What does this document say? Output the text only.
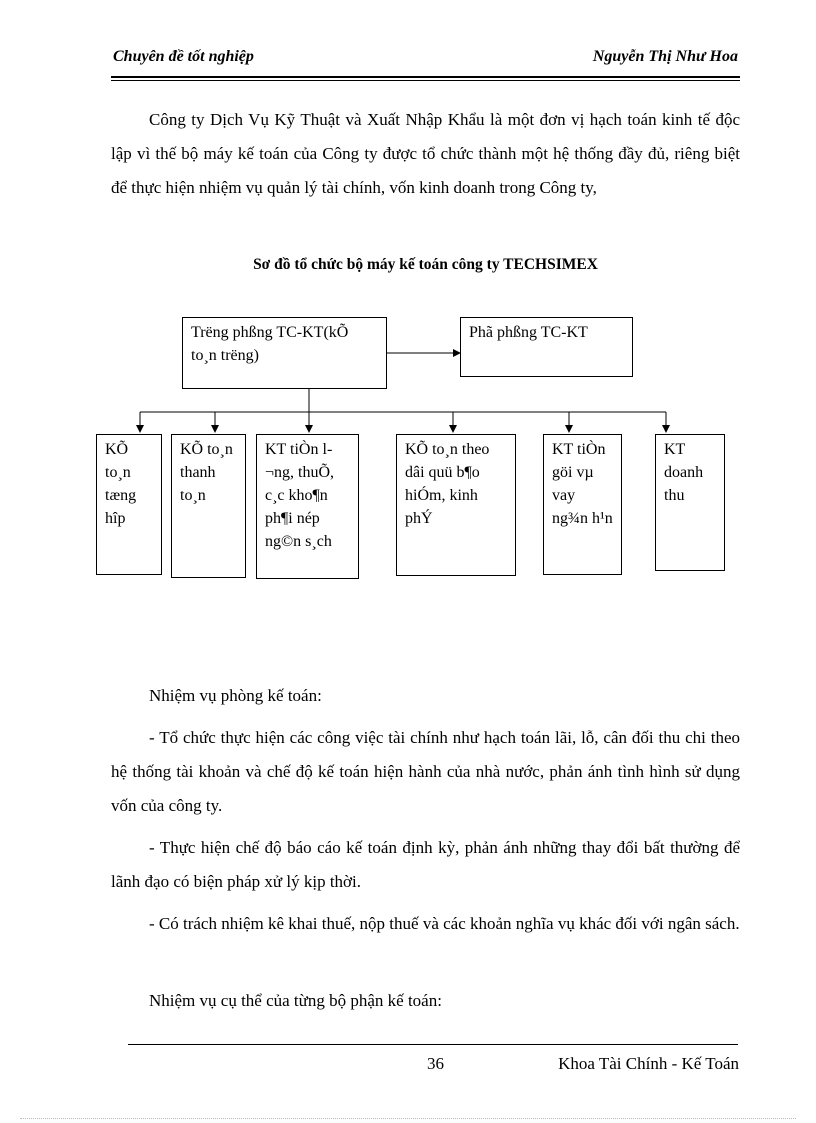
Chuyên đề tốt nghiệp	Nguyễn Thị Như Hoa

Công ty Dịch Vụ Kỹ Thuật và Xuất Nhập Khẩu là một đơn vị hạch toán kinh tế độc lập vì thế bộ máy kế toán của Công ty được tổ chức thành một hệ thống đầy đủ, riêng biệt để thực hiện nhiệm vụ quản lý tài chính, vốn kinh doanh trong Công ty,

Sơ đồ tổ chức bộ máy kế toán công ty TECHSIMEX
Trëng phßng TC-KT(kÕ to¸n trëng)
Phã phßng TC-KT
KÕ to¸n tæng hîp
KÕ to¸n thanh to¸n
KT tiÒn l¬ng, thuÕ, c¸c kho¶n ph¶i nép ng©n s¸ch
KÕ to¸n theo dâi quü b¶o hiÓm, kinh phÝ
KT tiÒn göi vµ vay ng¾n h¹n
KT doanh thu

Nhiệm vụ phòng kế toán:

- Tổ chức thực hiện các công việc tài chính như hạch toán lãi, lỗ, cân đối thu chi theo hệ thống tài khoản và chế độ kế toán hiện hành của nhà nước, phản ánh tình hình sử dụng vốn của công ty.

- Thực hiện chế độ báo cáo kế toán định kỳ, phản ánh những thay đổi bất thường để lãnh đạo có biện pháp xử lý kịp thời.

- Có trách nhiệm kê khai thuế, nộp thuế và các khoản nghĩa vụ khác đối với ngân sách.

Nhiệm vụ cụ thể của từng bộ phận kế toán:

36	Khoa Tài Chính - Kế Toán
